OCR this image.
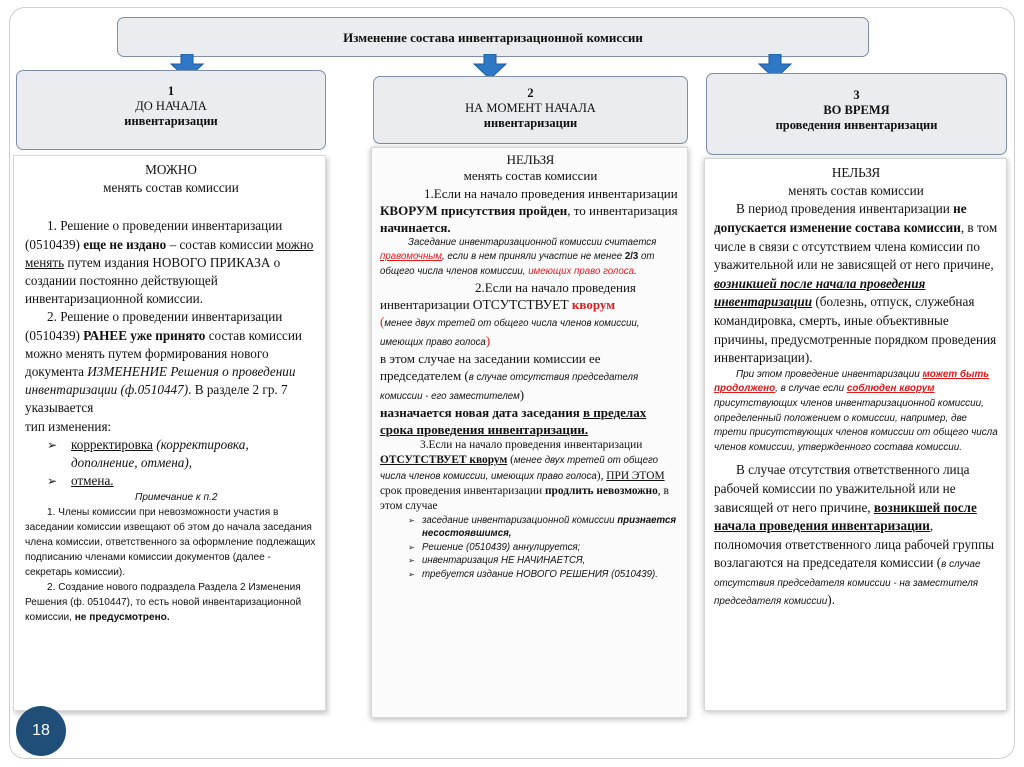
Изменение состава инвентаризационной комиссии
1
ДО НАЧАЛА
инвентаризации
2
НА МОМЕНТ НАЧАЛА
инвентаризации
3
ВО ВРЕМЯ
проведения инвентаризации

МОЖНО

менять состав комиссии

1. Решение о проведении инвентаризации (0510439) еще не издано – состав комиссии можно менять путем издания НОВОГО ПРИКАЗА о создании постоянно действующей инвентаризационной комиссии.

2. Решение о проведении инвентаризации (0510439) РАНЕЕ уже принято состав комиссии можно менять путем формирования нового документа ИЗМЕНЕНИЕ Решения о проведении инвентаризации (ф.0510447). В разделе 2 гр. 7 указывается
тип изменения:

➢ корректировка (корректировка, дополнение, отмена),
➢ отмена.

Примечание к п.2

1. Члены комиссии при невозможности участия в заседании комиссии извещают об этом до начала заседания члена комиссии, ответственного за оформление подлежащих подписанию членами комиссии документов (далее - секретарь комиссии).

2. Создание нового подраздела Раздела 2 Изменения Решения (ф. 0510447), то есть новой инвентаризационной комиссии, не предусмотрено.

НЕЛЬЗЯ

менять состав комиссии

1.Если на начало проведения инвентаризации КВОРУМ присутствия пройден, то инвентаризация начинается.

Заседание инвентаризационной комиссии считается правомочным, если в нем приняли участие не менее 2/3 от общего числа членов комиссии, имеющих право голоса.

2.Если на начало проведения инвентаризации ОТСУТСТВУЕТ кворум
(менее двух третей от общего числа членов комиссии, имеющих право голоса)

в этом случае на заседании комиссии ее председателем (в случае отсутствия председателя комиссии - его заместителем)

назначается новая дата заседания в пределах срока проведения инвентаризации.

3.Если на начало проведения инвентаризации ОТСУТСТВУЕТ кворум (менее двух третей от общего числа членов комиссии, имеющих право голоса), ПРИ ЭТОМ срок проведения инвентаризации продлить невозможно, в этом случае

➢ заседание инвентаризационной комиссии признается несостоявшимся,
➢ Решение (0510439) аннулируется;
➢ инвентаризация НЕ НАЧИНАЕТСЯ,
➢ требуется издание НОВОГО РЕШЕНИЯ (0510439).

НЕЛЬЗЯ

менять состав комиссии

В период проведения инвентаризации не допускается изменение состава комиссии, в том числе в связи с отсутствием члена комиссии по уважительной или не зависящей от него причине, возникшей после начала проведения инвентаризации (болезнь, отпуск, служебная командировка, смерть, иные объективные причины, предусмотренные порядком проведения инвентаризации).

При этом проведение инвентаризации может быть продолжено, в случае если соблюден кворум присутствующих членов инвентаризационной комиссии, определенный положением о комиссии, например, две трети присутствующих членов комиссии от общего числа членов комиссии, утвержденного состава комиссии.

В случае отсутствия ответственного лица рабочей комиссии по уважительной или не зависящей от него причине, возникшей после начала проведения инвентаризации, полномочия ответственного лица рабочей группы возлагаются на председателя комиссии (в случае отсутствия председателя комиссии - на заместителя председателя комиссии).

18
